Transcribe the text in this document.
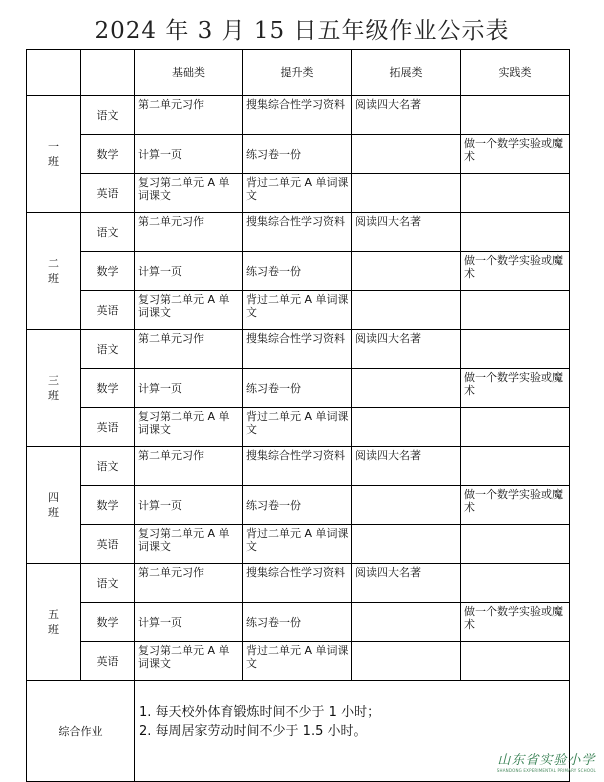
2024 年 3 月 15 日五年级作业公示表
		基础类	提升类	拓展类	实践类
一班	语文	第二单元习作	搜集综合性学习资料	阅读四大名著	
	数学	计算一页	练习卷一份		做一个数学实验或魔术
	英语	复习第二单元 A 单词课文	背过二单元 A 单词课文		
二班	语文	第二单元习作	搜集综合性学习资料	阅读四大名著	
	数学	计算一页	练习卷一份		做一个数学实验或魔术
	英语	复习第二单元 A 单词课文	背过二单元 A 单词课文		
三班	语文	第二单元习作	搜集综合性学习资料	阅读四大名著	
	数学	计算一页	练习卷一份		做一个数学实验或魔术
	英语	复习第二单元 A 单词课文	背过二单元 A 单词课文		
四班	语文	第二单元习作	搜集综合性学习资料	阅读四大名著	
	数学	计算一页	练习卷一份		做一个数学实验或魔术
	英语	复习第二单元 A 单词课文	背过二单元 A 单词课文		
五班	语文	第二单元习作	搜集综合性学习资料	阅读四大名著	
	数学	计算一页	练习卷一份		做一个数学实验或魔术
	英语	复习第二单元 A 单词课文	背过二单元 A 单词课文		
综合作业		1. 每天校外体育锻炼时间不少于 1 小时；
2. 每周居家劳动时间不少于 1.5 小时。			
山东省实验小学
SHANDONG EXPERIMENTAL PRIMARY SCHOOL
